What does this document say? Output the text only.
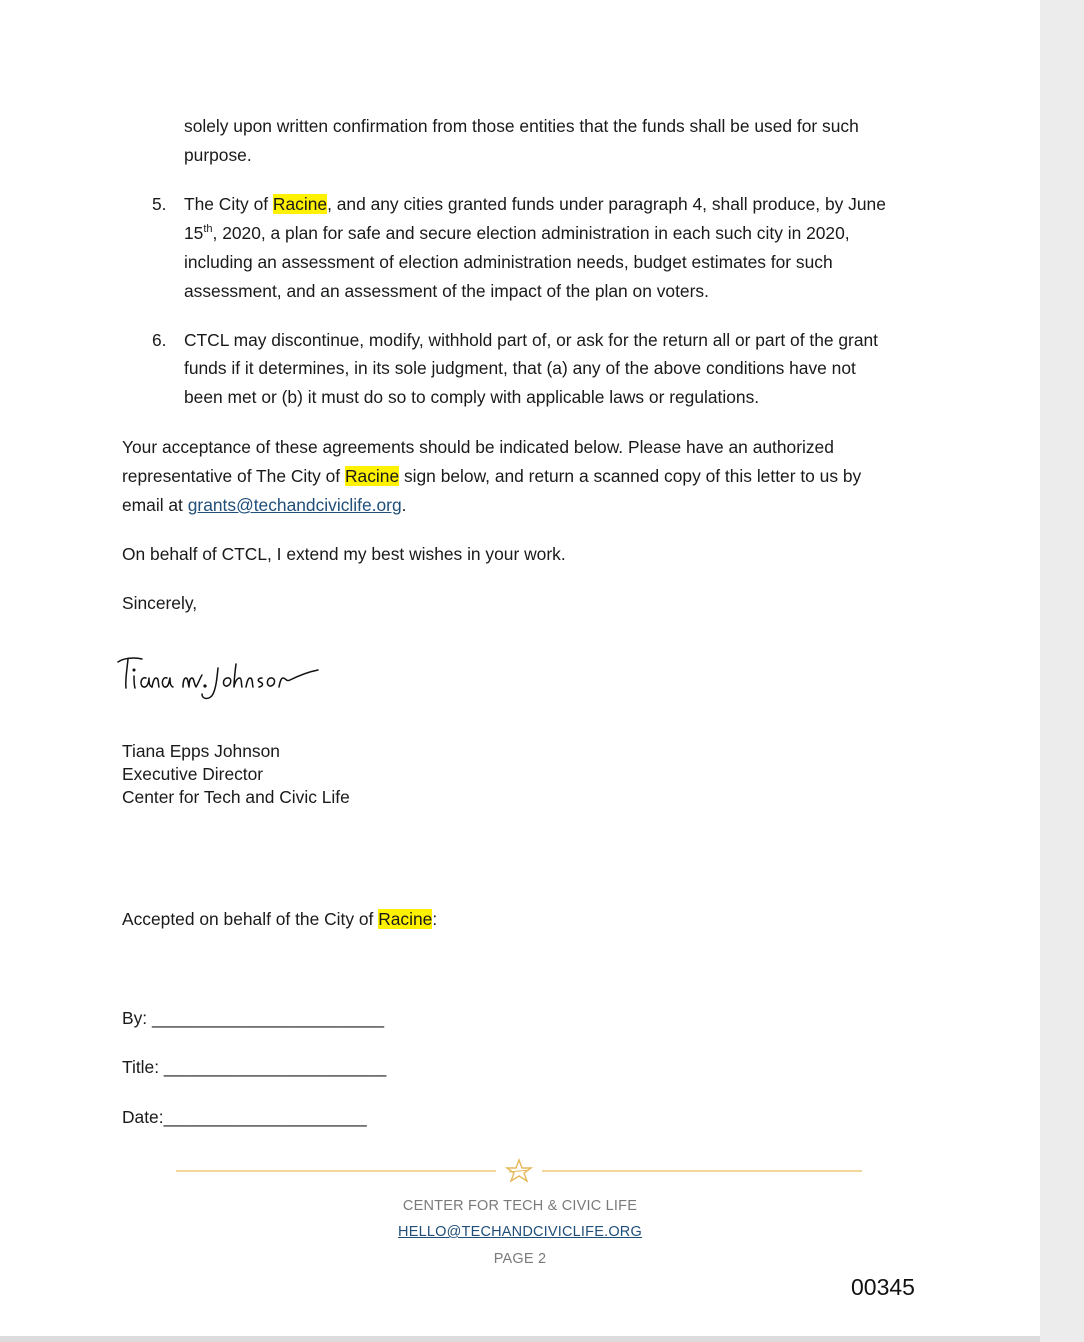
solely upon written confirmation from those entities that the funds shall be used for such
purpose.
5. The City of Racine, and any cities granted funds under paragraph 4, shall produce, by June
15th, 2020, a plan for safe and secure election administration in each such city in 2020,
including an assessment of election administration needs, budget estimates for such
assessment, and an assessment of the impact of the plan on voters.
6. CTCL may discontinue, modify, withhold part of, or ask for the return all or part of the grant
funds if it determines, in its sole judgment, that (a) any of the above conditions have not
been met or (b) it must do so to comply with applicable laws or regulations.
Your acceptance of these agreements should be indicated below. Please have an authorized
representative of The City of Racine sign below, and return a scanned copy of this letter to us by
email at grants@techandciviclife.org.
On behalf of CTCL, I extend my best wishes in your work.
Sincerely,
Tiana Epps Johnson
Executive Director
Center for Tech and Civic Life
Accepted on behalf of the City of Racine:
By: ________________________
Title: _______________________
Date:_____________________
CENTER FOR TECH & CIVIC LIFE
HELLO@TECHANDCIVICLIFE.ORG
PAGE 2
00345
